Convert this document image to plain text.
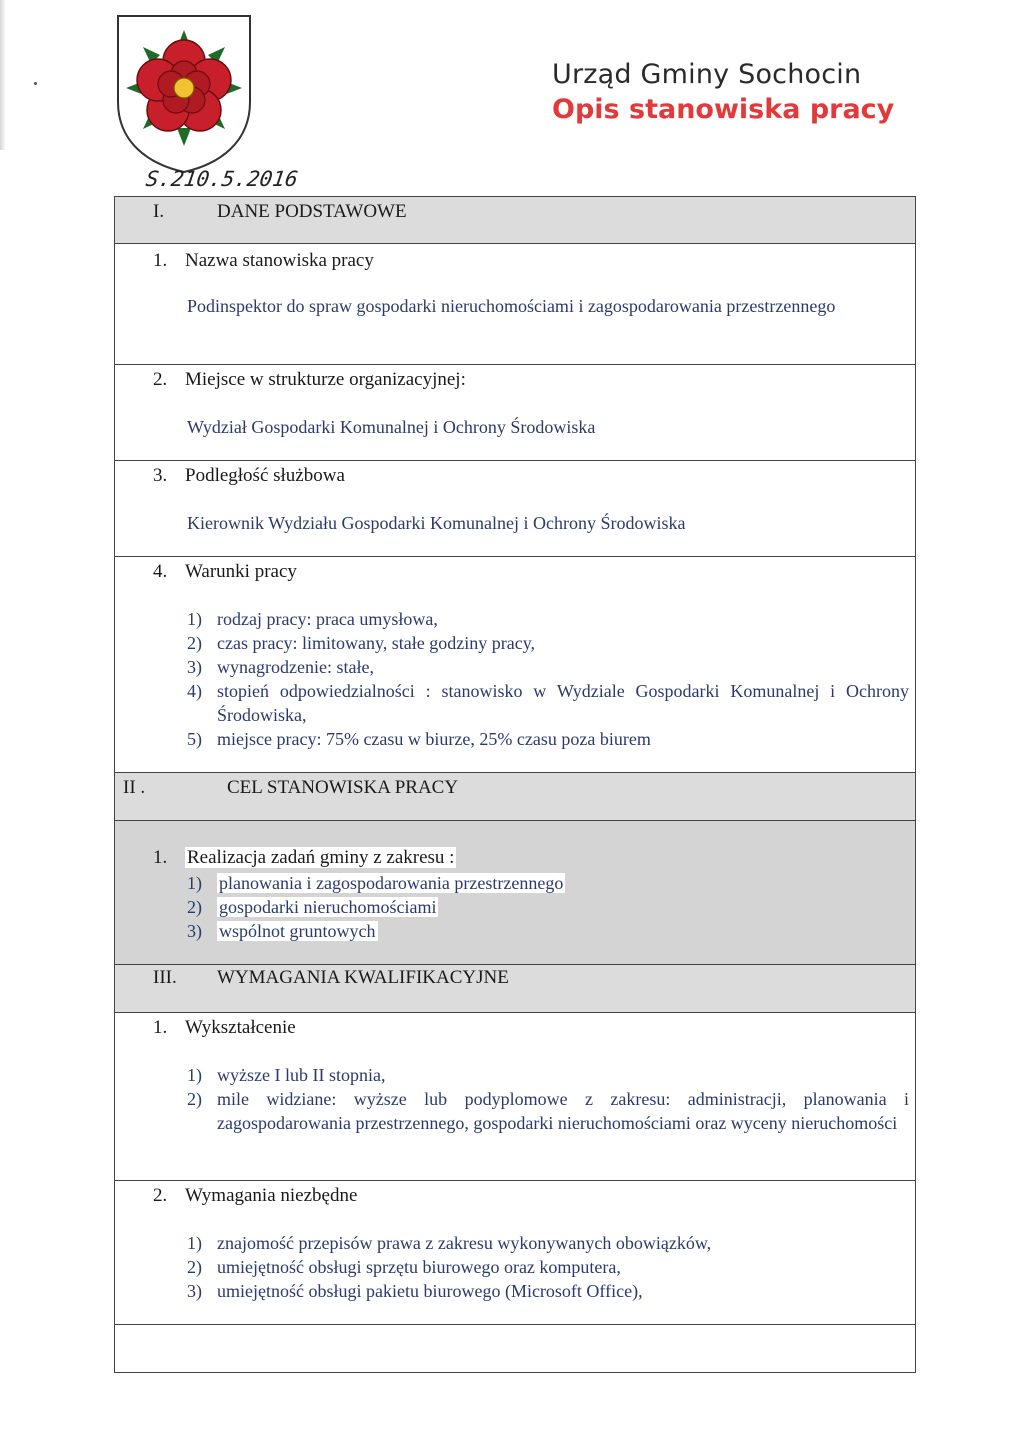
Urząd Gminy Sochocin
Opis stanowiska pracy
S.210.5.2016
I.	DANE PODSTAWOWE
1. Nazwa stanowiska pracy
Podinspektor do spraw gospodarki nieruchomościami i zagospodarowania przestrzennego
2. Miejsce w strukturze organizacyjnej:
Wydział Gospodarki Komunalnej i Ochrony Środowiska
3. Podległość służbowa
Kierownik Wydziału Gospodarki Komunalnej i Ochrony Środowiska
4. Warunki pracy
1) rodzaj pracy: praca umysłowa,
2) czas pracy: limitowany, stałe godziny pracy,
3) wynagrodzenie: stałe,
4) stopień odpowiedzialności : stanowisko w Wydziale Gospodarki Komunalnej i Ochrony Środowiska,
5) miejsce pracy: 75% czasu w biurze, 25% czasu poza biurem
II .	CEL STANOWISKA PRACY
1. Realizacja zadań gminy z zakresu :
1) planowania i zagospodarowania przestrzennego
2) gospodarki nieruchomościami
3) wspólnot gruntowych
III. WYMAGANIA KWALIFIKACYJNE
1. Wykształcenie
1) wyższe I lub II stopnia,
2) mile widziane: wyższe lub podyplomowe z zakresu: administracji, planowania i zagospodarowania przestrzennego, gospodarki nieruchomościami oraz wyceny nieruchomości
2. Wymagania niezbędne
1) znajomość przepisów prawa z zakresu wykonywanych obowiązków,
2) umiejętność obsługi sprzętu biurowego oraz komputera,
3) umiejętność obsługi pakietu biurowego (Microsoft Office),
